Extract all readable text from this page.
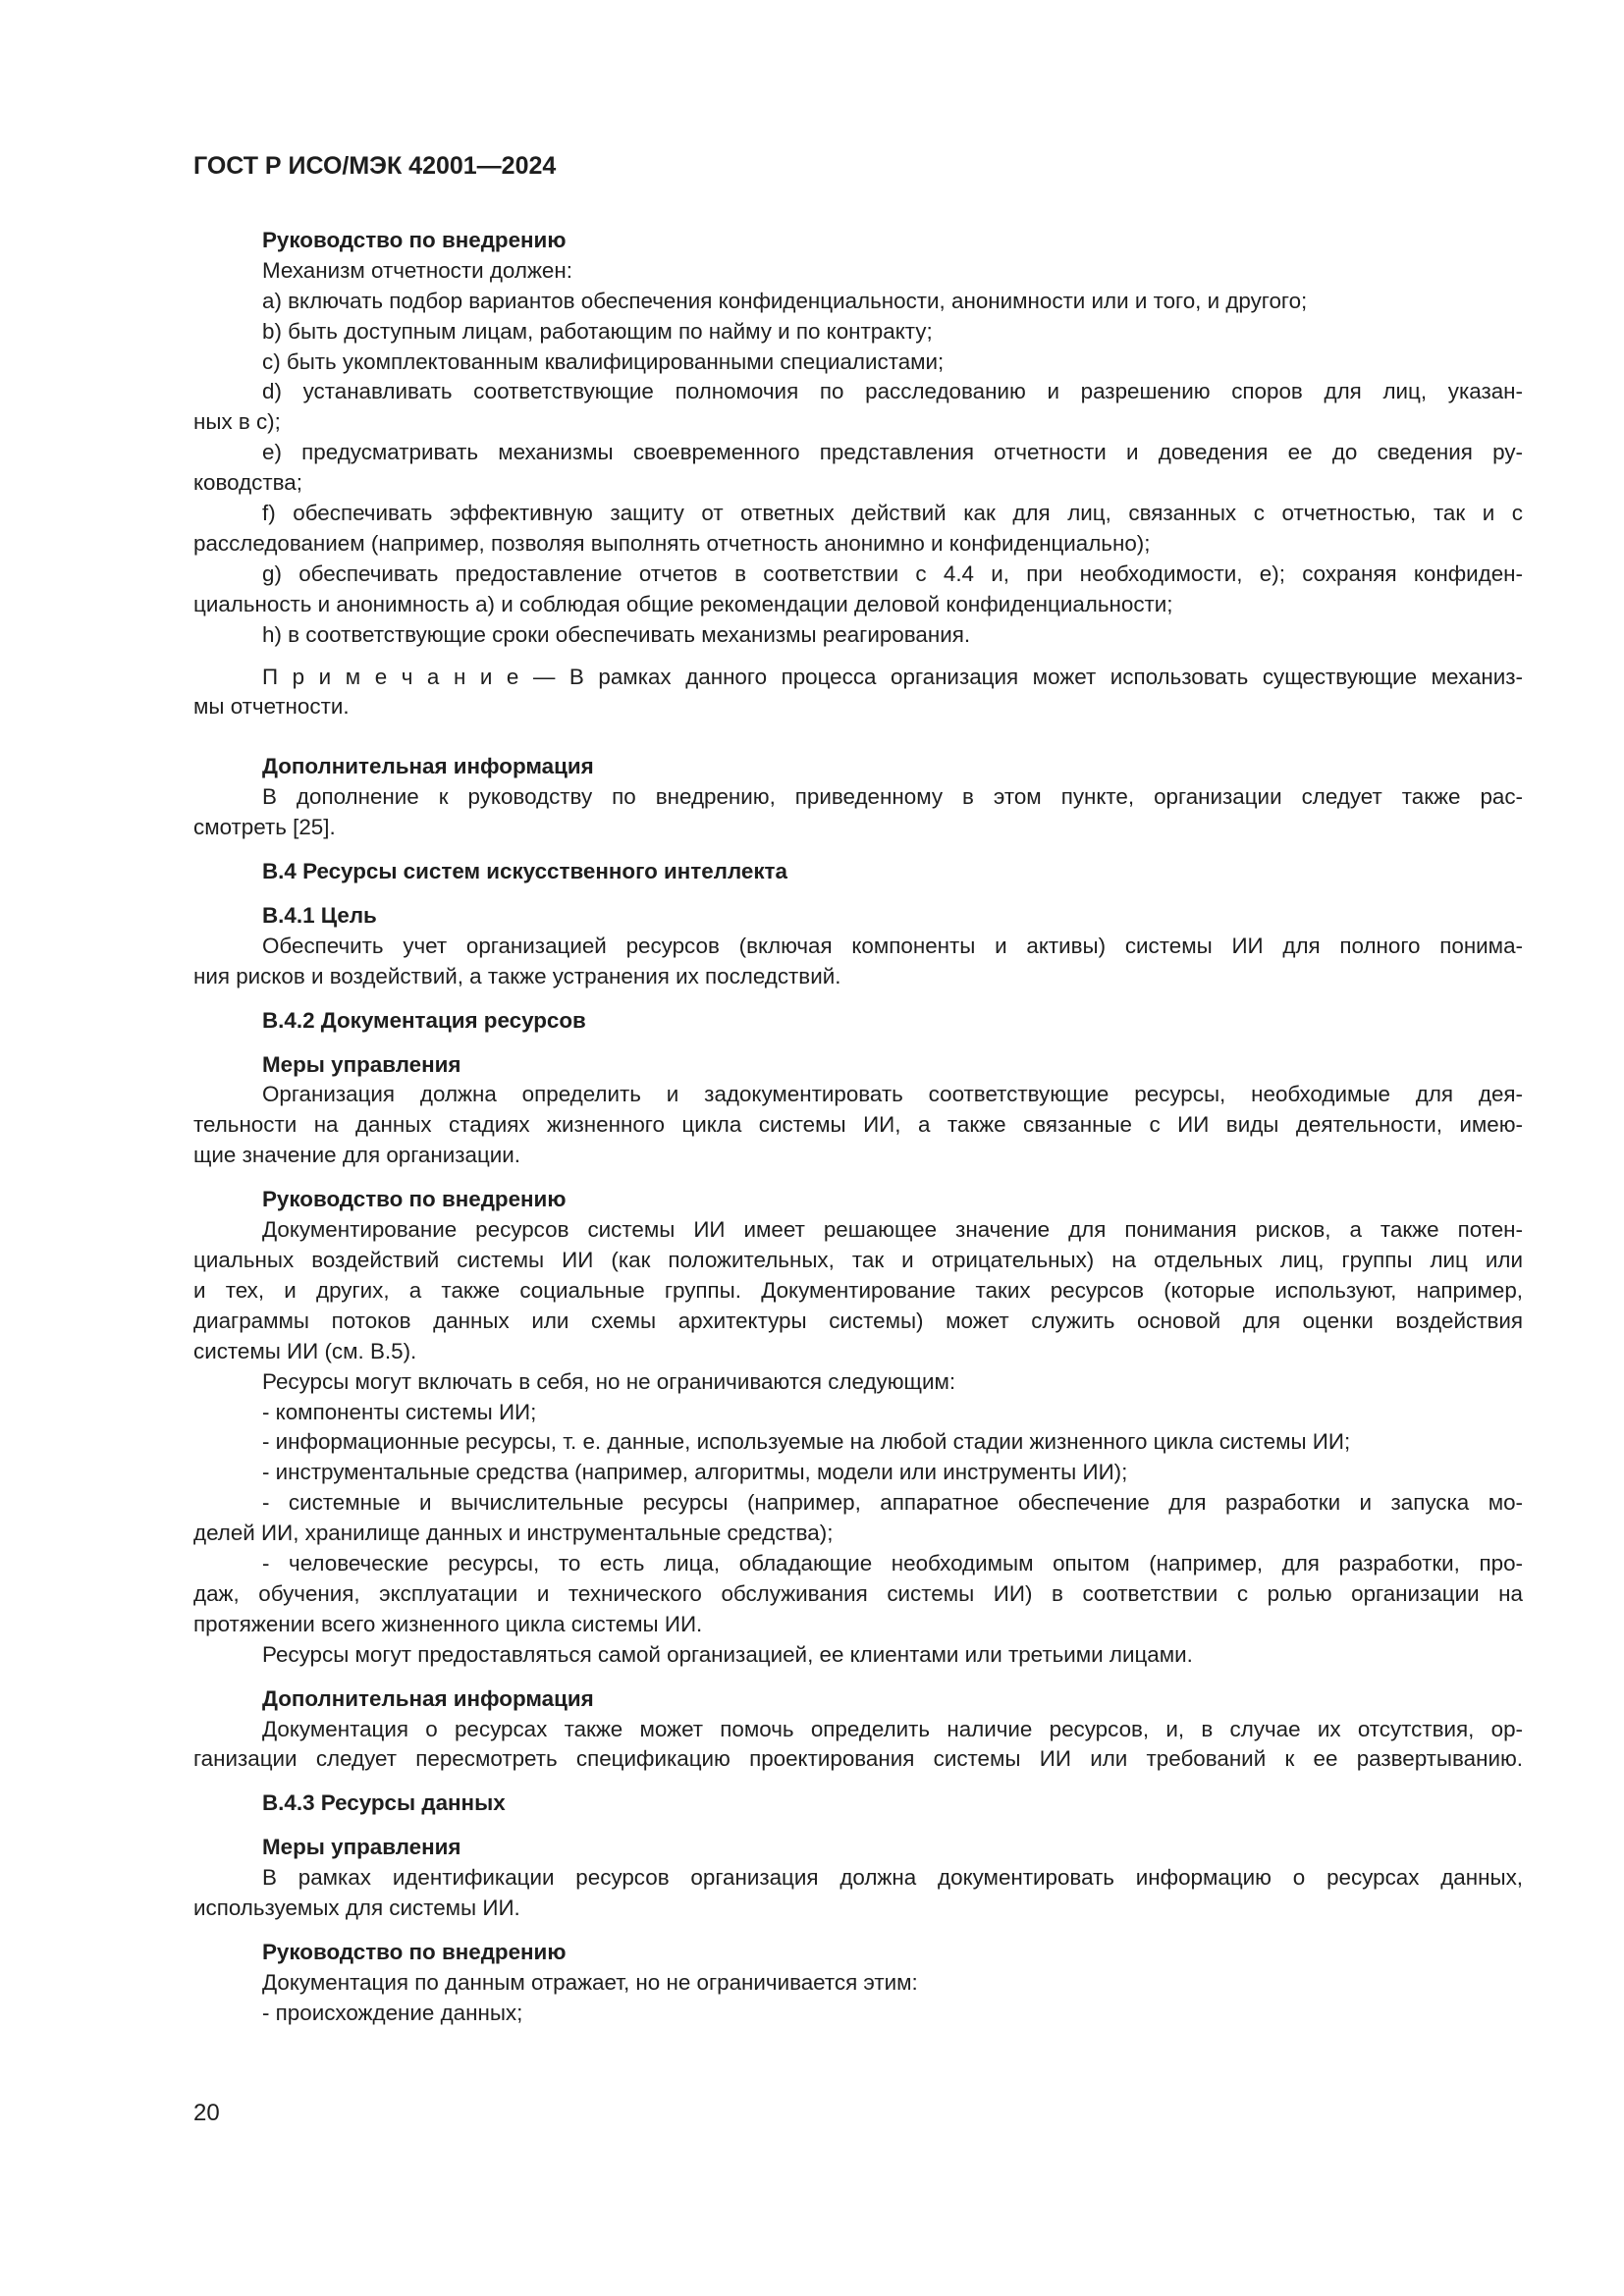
ГОСТ Р ИСО/МЭК 42001—2024
Руководство по внедрению
Механизм отчетности должен:
a) включать подбор вариантов обеспечения конфиденциальности, анонимности или и того, и другого;
b) быть доступным лицам, работающим по найму и по контракту;
c) быть укомплектованным квалифицированными специалистами;
d) устанавливать соответствующие полномочия по расследованию и разрешению споров для лиц, указан-
ных в c);
e) предусматривать механизмы своевременного представления отчетности и доведения ее до сведения ру-
ководства;
f) обеспечивать эффективную защиту от ответных действий как для лиц, связанных с отчетностью, так и с
расследованием (например, позволяя выполнять отчетность анонимно и конфиденциально);
g) обеспечивать предоставление отчетов в соответствии с 4.4 и, при необходимости, e); сохраняя конфиден-
циальность и анонимность a) и соблюдая общие рекомендации деловой конфиденциальности;
h) в соответствующие сроки обеспечивать механизмы реагирования.
П р и м е ч а н и е — В рамках данного процесса организация может использовать существующие механиз-
мы отчетности.
Дополнительная информация
В дополнение к руководству по внедрению, приведенному в этом пункте, организации следует также рас-
смотреть [25].
B.4 Ресурсы систем искусственного интеллекта
B.4.1 Цель
Обеспечить учет организацией ресурсов (включая компоненты и активы) системы ИИ для полного понима-
ния рисков и воздействий, а также устранения их последствий.
B.4.2 Документация ресурсов
Меры управления
Организация должна определить и задокументировать соответствующие ресурсы, необходимые для дея-
тельности на данных стадиях жизненного цикла системы ИИ, а также связанные с ИИ виды деятельности, имею-
щие значение для организации.
Руководство по внедрению
Документирование ресурсов системы ИИ имеет решающее значение для понимания рисков, а также потен-
циальных воздействий системы ИИ (как положительных, так и отрицательных) на отдельных лиц, группы лиц или
и тех, и других, а также социальные группы. Документирование таких ресурсов (которые используют, например,
диаграммы потоков данных или схемы архитектуры системы) может служить основой для оценки воздействия
системы ИИ (см. B.5).
Ресурсы могут включать в себя, но не ограничиваются следующим:
- компоненты системы ИИ;
- информационные ресурсы, т. е. данные, используемые на любой стадии жизненного цикла системы ИИ;
- инструментальные средства (например, алгоритмы, модели или инструменты ИИ);
- системные и вычислительные ресурсы (например, аппаратное обеспечение для разработки и запуска мо-
делей ИИ, хранилище данных и инструментальные средства);
- человеческие ресурсы, то есть лица, обладающие необходимым опытом (например, для разработки, про-
даж, обучения, эксплуатации и технического обслуживания системы ИИ) в соответствии с ролью организации на
протяжении всего жизненного цикла системы ИИ.
Ресурсы могут предоставляться самой организацией, ее клиентами или третьими лицами.
Дополнительная информация
Документация о ресурсах также может помочь определить наличие ресурсов, и, в случае их отсутствия, ор-
ганизации следует пересмотреть спецификацию проектирования системы ИИ или требований к ее развертыванию.
B.4.3 Ресурсы данных
Меры управления
В рамках идентификации ресурсов организация должна документировать информацию о ресурсах данных,
используемых для системы ИИ.
Руководство по внедрению
Документация по данным отражает, но не ограничивается этим:
- происхождение данных;
20
